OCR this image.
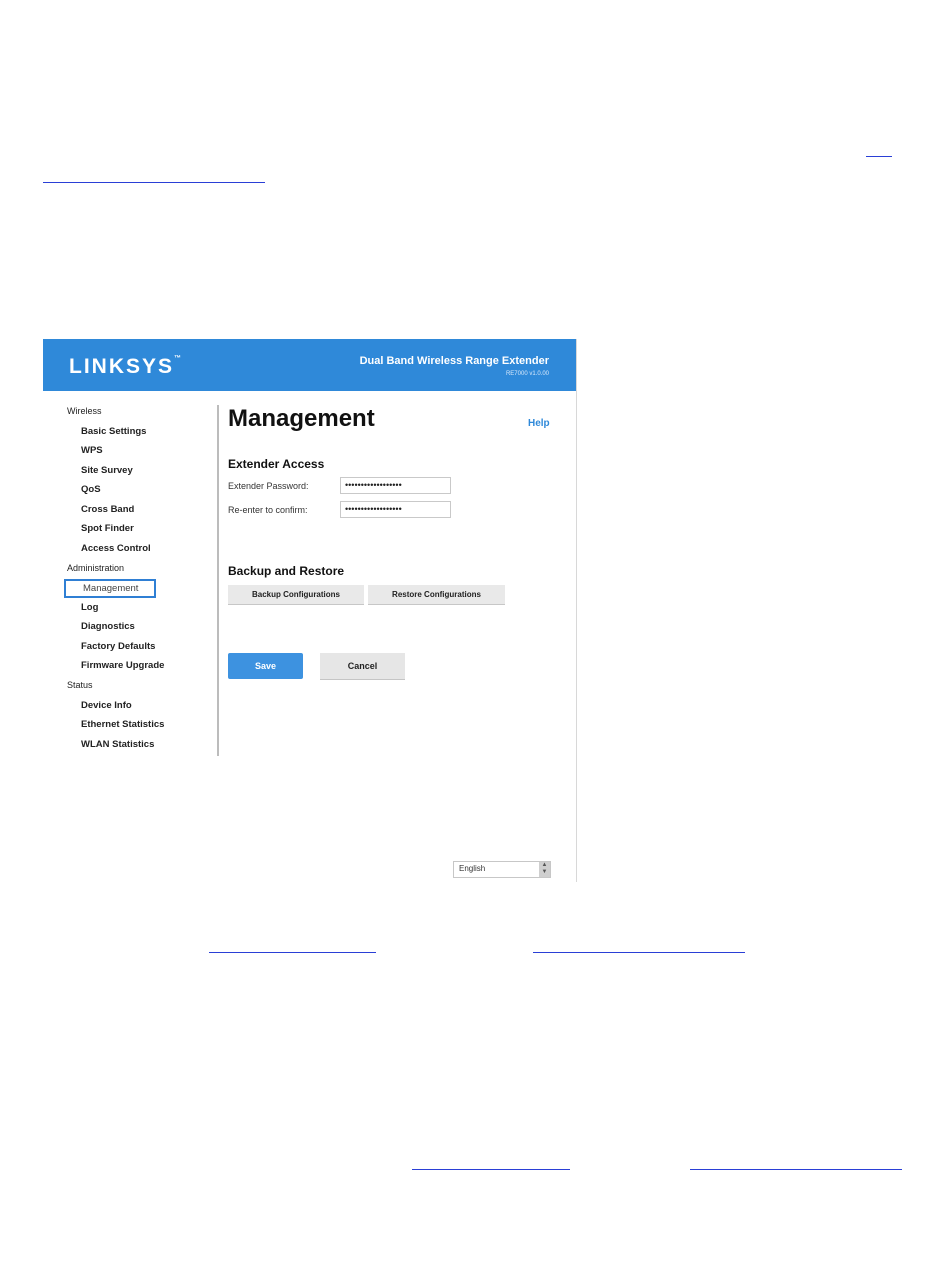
LINKSYS™	Dual Band Wireless Range Extender
RE7000 v1.0.00
Wireless
Basic Settings
WPS
Site Survey
QoS
Cross Band
Spot Finder
Access Control
Administration
Management
Log
Diagnostics
Factory Defaults
Firmware Upgrade
Status
Device Info
Ethernet Statistics
WLAN Statistics
Management	Help
Extender Access
Extender Password:	••••••••••••••••••
Re-enter to confirm:	••••••••••••••••••
Backup and Restore
Backup Configurations	Restore Configurations
Save	Cancel
English	▲
▼
